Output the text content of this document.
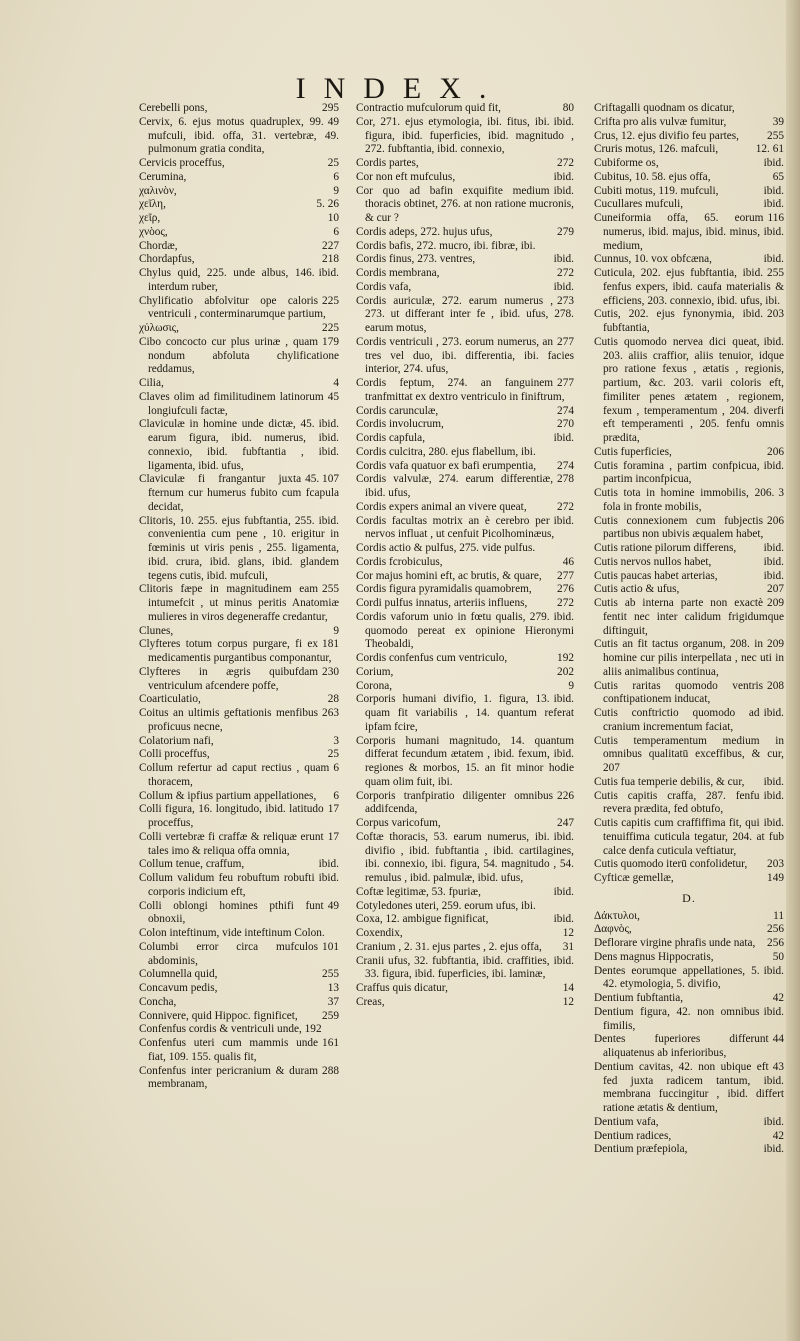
INDEX.

295
Cerebelli pons,

49
Cervix, 6. ejus motus quadruplex, 99. mufculi, ibid. offa, 31. vertebræ, 49. pulmonum gratia condita,

25
Cervicis proceffus,

6
Cerumina,

9
χαλινὸν,

5. 26
χεῖλη,

10
χεῖρ,

6
χνὸος,

227
Chordæ,

218
Chordapfus,

ibid.
Chylus quid, 225. unde albus, 146. interdum ruber,

225
Chylificatio abfolvitur ope caloris ventriculi , conterminarumque partium,

225
χύλωσις,

179
Cibo concocto cur plus urinæ , quam nondum abfoluta chylificatione reddamus,

4
Cilia,

45
Claves olim ad fimilitudinem latinorum longiufculi factæ,

ibid.
Claviculæ in homine unde dictæ, 45. earum figura, ibid. numerus, ibid. connexio, ibid. fubftantia , ibid. ligamenta, ibid. ufus,

45. 107
Claviculæ fi frangantur juxta fternum cur humerus fubito cum fcapula decidat,

ibid.
Clitoris, 10. 255. ejus fubftantia, 255. convenientia cum pene , 10. erigitur in fœminis ut viris penis , 255. ligamenta, ibid. crura, ibid. glans, ibid. glandem tegens cutis, ibid. mufculi,

255
Clitoris fæpe in magnitudinem eam intumefcit , ut minus peritis Anatomiæ mulieres in viros degeneraffe credantur,

9
Clunes,

181
Clyfteres totum corpus purgare, fi ex medicamentis purgantibus componantur,

230
Clyfteres in ægris quibufdam ventriculum afcendere poffe,

28
Coarticulatio,

263
Coitus an ultimis geftationis menfibus proficuus necne,

3
Colatorium nafi,

25
Colli proceffus,

6
Collum refertur ad caput rectius , quam thoracem,

6
Collum & ipfius partium appellationes,

17
Colli figura, 16. longitudo, ibid. latitudo proceffus,

17
Colli vertebræ fi craffæ & reliquæ erunt tales imo & reliqua offa omnia,

ibid.
Collum tenue, craffum,

ibid.
Collum validum feu robuftum robufti corporis indicium eft,

49
Colli oblongi homines pthifi funt obnoxii,

Colon inteftinum, vide inteftinum Colon.

101
Columbi error circa mufculos abdominis,

255
Columnella quid,

13
Concavum pedis,

37
Concha,

259
Connivere, quid Hippoc. fignificet,

Confenfus cordis & ventriculi unde, 192

161
Confenfus uteri cum mammis unde fiat, 109. 155. qualis fit,

288
Confenfus inter pericranium & duram membranam,

80
Contractio mufculorum quid fit,

ibid.
Cor, 271. ejus etymologia, ibi. fitus, ibi. figura, ibid. fuperficies, ibid. magnitudo , 272. fubftantia, ibid. connexio,

272
Cordis partes,

ibid.
Cor non eft mufculus,

ibid.
Cor quo ad bafin exquifite medium thoracis obtinet, 276. at non ratione mucronis, & cur ?

279
Cordis adeps, 272. hujus ufus,

Cordis bafis, 272. mucro, ibi. fibræ, ibi.

ibid.
Cordis finus, 273. ventres,

272
Cordis membrana,

ibid.
Cordis vafa,

273
Cordis auriculæ, 272. earum numerus , 273. ut differant inter fe , ibid. ufus, 278. earum motus,

277
Cordis ventriculi , 273. eorum numerus, an tres vel duo, ibi. differentia, ibi. facies interior, 274. ufus,

277
Cordis feptum, 274. an fanguinem tranfmittat ex dextro ventriculo in finiftrum,

274
Cordis carunculæ,

270
Cordis involucrum,

ibid.
Cordis capfula,

Cordis culcitra, 280. ejus flabellum, ibi.

274
Cordis vafa quatuor ex bafi erumpentia,

278
Cordis valvulæ, 274. earum differentiæ, ibid. ufus,

272
Cordis expers animal an vivere queat,

ibid.
Cordis facultas motrix an è cerebro per nervos influat , ut cenfuit Picolhominæus,

Cordis actio & pulfus, 275. vide pulfus.

46
Cordis fcrobiculus,

277
Cor majus homini eft, ac brutis, & quare,

276
Cordis figura pyramidalis quamobrem,

272
Cordi pulfus innatus, arteriis influens,

ibid.
Cordis vaforum unio in fœtu qualis, 279. quomodo pereat ex opinione Hieronymi Theobaldi,

192
Cordis confenfus cum ventriculo,

202
Corium,

9
Corona,

ibid.
Corporis humani divifio, 1. figura, 13. quam fit variabilis , 14. quantum referat ipfam fcire,

Corporis humani magnitudo, 14. quantum differat fecundum ætatem , ibid. fexum, ibid. regiones & morbos, 15. an fit minor hodie quam olim fuit, ibi.

226
Corporis tranfpiratio diligenter omnibus addifcenda,

247
Corpus varicofum,

ibid.
Coftæ thoracis, 53. earum numerus, ibi. divifio , ibid. fubftantia , ibid. cartilagines, ibi. connexio, ibi. figura, 54. magnitudo , 54. remulus , ibid. palmulæ, ibid. ufus,

ibid.
Coftæ legitimæ, 53. fpuriæ,

Cotyledones uteri, 259. eorum ufus, ibi.

ibid.
Coxa, 12. ambigue fignificat,

12
Coxendix,

31
Cranium , 2. 31. ejus partes , 2. ejus offa,

ibid.
Cranii ufus, 32. fubftantia, ibid. craffities, 33. figura, ibid. fuperficies, ibi. laminæ,

14
Craffus quis dicatur,

12
Creas,

Criftagalli quodnam os dicatur,

39
Crifta pro alis vulvæ fumitur,

255
Crus, 12. ejus divifio feu partes,

12. 61
Cruris motus, 126. mafculi,

ibid.
Cubiforme os,

65
Cubitus, 10. 58. ejus offa,

ibid.
Cubiti motus, 119. mufculi,

ibid.
Cucullares mufculi,

116
Cuneiformia offa, 65. eorum numerus, ibid. majus, ibid. minus, ibid. medium,

ibid.
Cunnus, 10. vox obfcæna,

255
Cuticula, 202. ejus fubftantia, ibid. fenfus expers, ibid. caufa materialis & efficiens, 203. connexio, ibid. ufus, ibi.

203
Cutis, 202. ejus fynonymia, ibid. fubftantia,

ibid.
Cutis quomodo nervea dici queat, 203. aliis craffior, aliis tenuior, idque pro ratione fexus , ætatis , regionis, partium, &c. 203. varii coloris eft, fimiliter penes ætatem , regionem, fexum , temperamentum , 204. diverfi eft temperamenti , 205. fenfu omnis prædita,

206
Cutis fuperficies,

ibid.
Cutis foramina , partim confpicua, partim inconfpicua,

3
Cutis tota in homine immobilis, 206. fola in fronte mobilis,

206
Cutis connexionem cum fubjectis partibus non ubivis æqualem habet,

ibid.
Cutis ratione pilorum differens,

ibid.
Cutis nervos nullos habet,

ibid.
Cutis paucas habet arterias,

207
Cutis actio & ufus,

209
Cutis ab interna parte non exactè fentit nec inter calidum frigidumque diftinguit,

209
Cutis an fit tactus organum, 208. in homine cur pilis interpellata , nec uti in aliis animalibus continua,

208
Cutis raritas quomodo ventris conftipationem inducat,

ibid.
Cutis conftrictio quomodo ad cranium incrementum faciat,

Cutis temperamentum medium in omnibus qualitatū exceffibus, & cur, 207

ibid.
Cutis fua temperie debilis, & cur,

ibid.
Cutis capitis craffa, 287. fenfu revera prædita, fed obtufo,

ibid.
Cutis capitis cum craffiffima fit, qui tenuiffima cuticula tegatur, 204. at fub calce denfa cuticula veftiatur,

203
Cutis quomodo iterū confolidetur,

149
Cyfticæ gemellæ,

D.

11
Δάκτυλοι,

256
Δαφνὸς,

256
Deflorare virgine phrafis unde nata,

50
Dens magnus Hippocratis,

ibid.
Dentes eorumque appellationes, 5. 42. etymologia, 5. divifio,

42
Dentium fubftantia,

ibid.
Dentium figura, 42. non omnibus fimilis,

44
Dentes fuperiores differunt aliquatenus ab inferioribus,

43
Dentium cavitas, 42. non ubique eft fed juxta radicem tantum, ibid. membrana fuccingitur , ibid. differt ratione ætatis & dentium,

ibid.
Dentium vafa,

42
Dentium radices,

ibid.
Dentium præfepiola,
